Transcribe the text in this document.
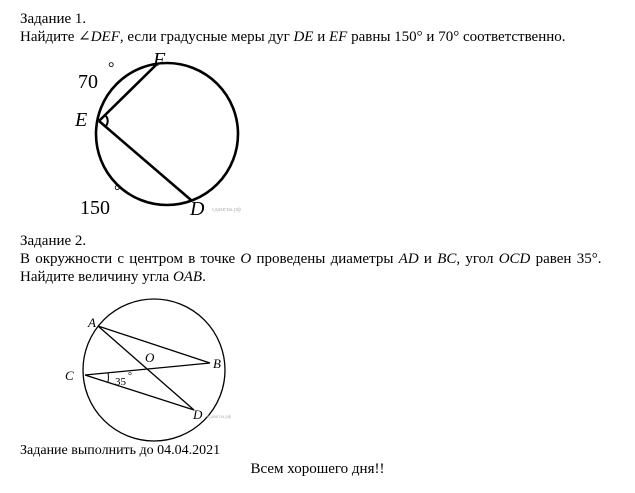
Задание 1.
Найдите ∠DEF, если градусные меры дуг DE и EF равны 150° и 70° соответственно.
70
° F
E
°
150	D сдамгиа.рф
A
O	B
C	35 °
D сдамгиа.рф
Задание 2.
В окружности с центром в точке O проведены диаметры AD и BC, угол OCD равен 35°.
Найдите величину угла OAB.
Задание выполнить до 04.04.2021
Всем хорошего дня!!
